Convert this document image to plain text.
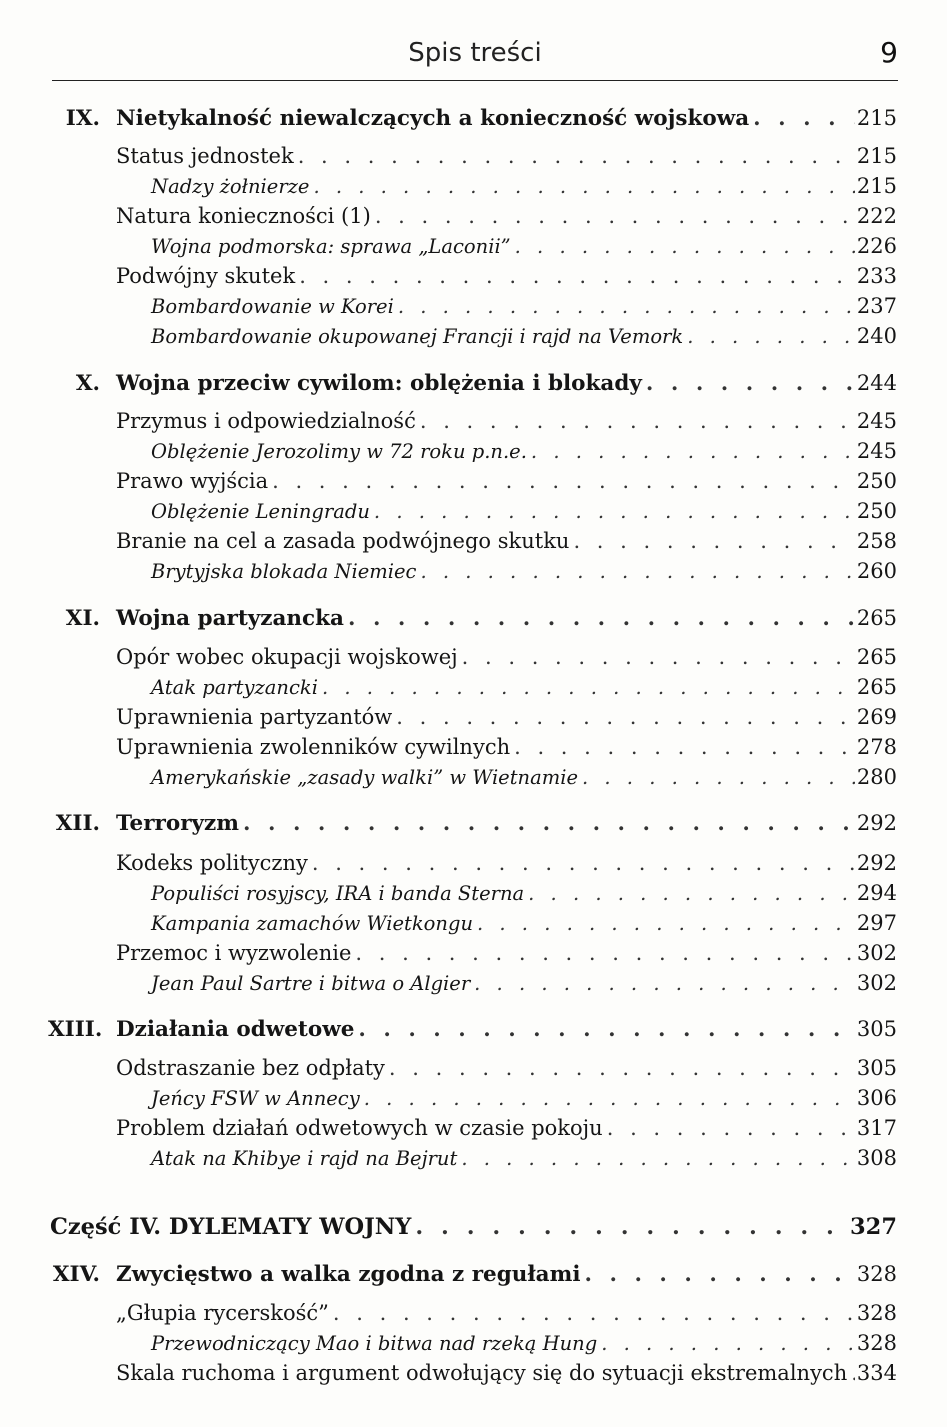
Spis treści	9
IX. Nietykalność niewalczących a konieczność wojskowa . . .	215
Status jednostek . . .	215
Nadzy żołnierze . . .	215
Natura konieczności (1) . . .	222
Wojna podmorska: sprawa „Laconii” . . .	226
Podwójny skutek . . .	233
Bombardowanie w Korei . . .	237
Bombardowanie okupowanej Francji i rajd na Vemork . . .	240
X. Wojna przeciw cywilom: oblężenia i blokady . . .	244
Przymus i odpowiedzialność . . .	245
Oblężenie Jerozolimy w 72 roku p.n.e. . . .	245
Prawo wyjścia . . .	250
Oblężenie Leningradu . . .	250
Branie na cel a zasada podwójnego skutku . . .	258
Brytyjska blokada Niemiec . . .	260
XI. Wojna partyzancka . . .	265
Opór wobec okupacji wojskowej . . .	265
Atak partyzancki . . .	265
Uprawnienia partyzantów . . .	269
Uprawnienia zwolenników cywilnych . . .	278
Amerykańskie „zasady walki” w Wietnamie . . .	280
XII. Terroryzm . . .	292
Kodeks polityczny . . .	292
Populiści rosyjscy, IRA i banda Sterna . . .	294
Kampania zamachów Wietkongu . . .	297
Przemoc i wyzwolenie . . .	302
Jean Paul Sartre i bitwa o Algier . . .	302
XIII. Działania odwetowe . . .	305
Odstraszanie bez odpłaty . . .	305
Jeńcy FSW w Annecy . . .	306
Problem działań odwetowych w czasie pokoju . . .	317
Atak na Khibye i rajd na Bejrut . . .	308
Część IV. DYLEMATY WOJNY . . .	327
XIV. Zwycięstwo a walka zgodna z regułami . . .	328
„Głupia rycerskość” . . .	328
Przewodniczący Mao i bitwa nad rzeką Hung . . .	328
Skala ruchoma i argument odwołujący się do sytuacji ekstremalnych . . . 334
